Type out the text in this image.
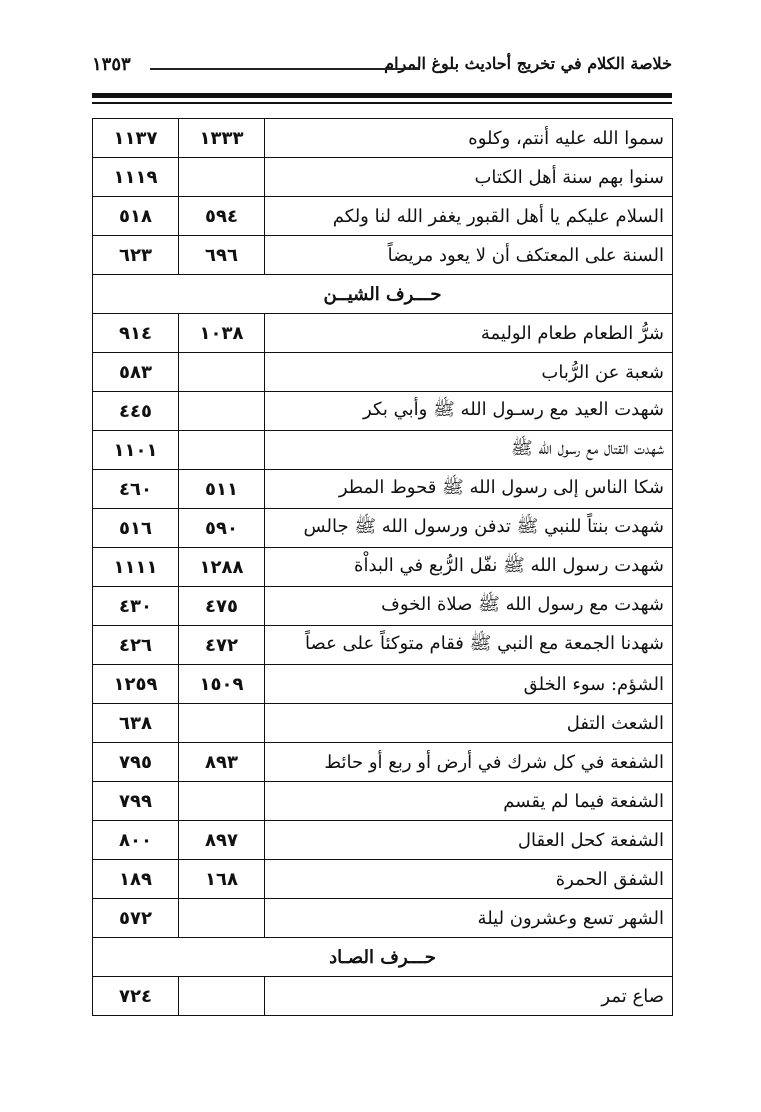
خلاصة الكلام في تخريج أحاديث بلوغ المرام
١٣٥٣
سموا الله عليه أنتم، وكلوه	١٣٣٣	١١٣٧
سنوا بهم سنة أهل الكتاب		١١١٩
السلام عليكم يا أهل القبور يغفر الله لنا ولكم	٥٩٤	٥١٨
السنة على المعتكف أن لا يعود مريضاً	٦٩٦	٦٢٣
حـــرف الشيــن		
شرُّ الطعام طعام الوليمة	١٠٣٨	٩١٤
شعبة عن الرُّباب		٥٨٣
شهدت العيد مع رسـول الله ﷺ وأبي بكر		٤٤٥
شهدت القتال مع رسول الله ﷺ		١١٠١
شكا الناس إلى رسول الله ﷺ قحوط المطر	٥١١	٤٦٠
شهدت بنتاً للنبي ﷺ تدفن ورسول الله ﷺ جالس	٥٩٠	٥١٦
شهدت رسول الله ﷺ نفّل الرُّبع في البداْة	١٢٨٨	١١١١
شهدت مع رسول الله ﷺ صلاة الخوف	٤٧٥	٤٣٠
شهدنا الجمعة مع النبي ﷺ فقام متوكئاً على عصاً	٤٧٢	٤٢٦
الشؤم: سوء الخلق	١٥٠٩	١٢٥٩
الشعث التفل		٦٣٨
الشفعة في كل شرك في أرض أو ربع أو حائط	٨٩٣	٧٩٥
الشفعة فيما لم يقسم		٧٩٩
الشفعة كحل العقال	٨٩٧	٨٠٠
الشفق الحمرة	١٦٨	١٨٩
الشهر تسع وعشرون ليلة		٥٧٢
حـــرف الصـاد		
صاع تمر		٧٢٤
